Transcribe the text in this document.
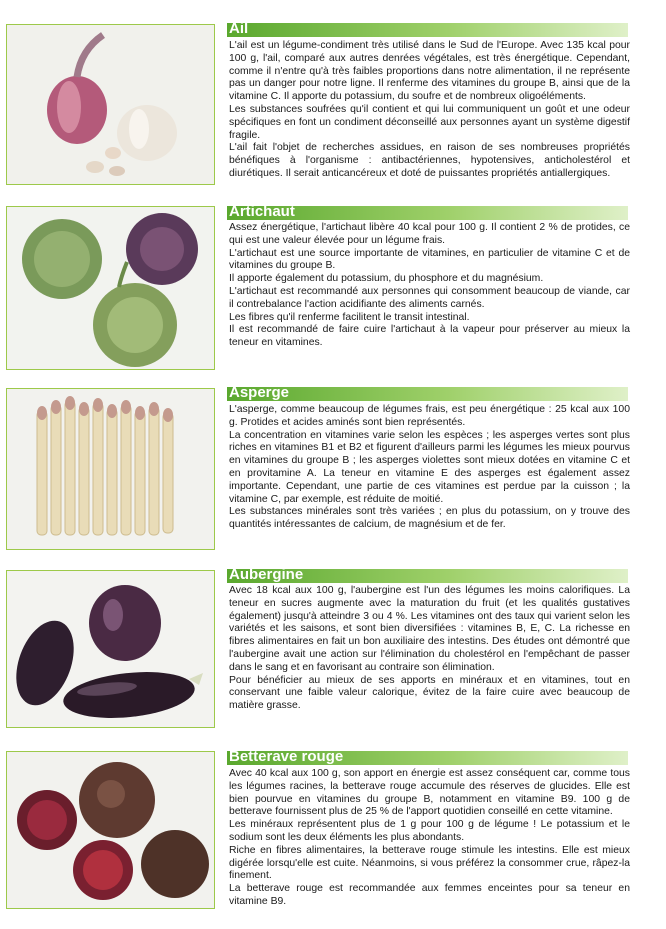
Ail

L'ail est un légume-condiment très utilisé dans le Sud de l'Europe. Avec 135 kcal pour 100 g, l'ail, comparé aux autres denrées végétales, est très énergétique. Cependant, comme il n'entre qu'à très faibles proportions dans notre alimentation, il ne représente pas un danger pour notre ligne. Il renferme des vitamines du groupe B, ainsi que de la vitamine C. Il apporte du potassium, du soufre et de nombreux oligoéléments.

Les substances soufrées qu'il contient et qui lui communiquent un goût et une odeur spécifiques en font un condiment déconseillé aux personnes ayant un système digestif fragile.

L'ail fait l'objet de recherches assidues, en raison de ses nombreuses propriétés bénéfiques à l'organisme : antibactériennes, hypotensives, anticholestérol et diurétiques. Il serait anticancéreux et doté de puissantes propriétés antiallergiques.

Artichaut

Assez énergétique, l'artichaut libère 40 kcal pour 100 g. Il contient 2 % de protides, ce qui est une valeur élevée pour un légume frais.

L'artichaut est une source importante de vitamines, en particulier de vitamine C et de vitamines du groupe B.

Il apporte également du potassium, du phosphore et du magnésium.

L'artichaut est recommandé aux personnes qui consomment beaucoup de viande, car il contrebalance l'action acidifiante des aliments carnés.

Les fibres qu'il renferme facilitent le transit intestinal.

Il est recommandé de faire cuire l'artichaut à la vapeur pour préserver au mieux la teneur en vitamines.

Asperge

L'asperge, comme beaucoup de légumes frais, est peu énergétique : 25 kcal aux 100 g. Protides et acides aminés sont bien représentés.

La concentration en vitamines varie selon les espèces ; les asperges vertes sont plus riches en vitamines B1 et B2 et figurent d'ailleurs parmi les légumes les mieux pourvus en vitamines du groupe B ; les asperges violettes sont mieux dotées en vitamine C et en provitamine A. La teneur en vitamine E des asperges est également assez importante. Cependant, une partie de ces vitamines est perdue par la cuisson ; la vitamine C, par exemple, est réduite de moitié.

Les substances minérales sont très variées ; en plus du potassium, on y trouve des quantités intéressantes de calcium, de magnésium et de fer.

Aubergine

Avec 18 kcal aux 100 g, l'aubergine est l'un des légumes les moins calorifiques. La teneur en sucres augmente avec la maturation du fruit (et les qualités gustatives également) jusqu'à atteindre 3 ou 4 %. Les vitamines ont des taux qui varient selon les variétés et les saisons, et sont bien diversifiées : vitamines B, E, C. La richesse en fibres alimentaires en fait un bon auxiliaire des intestins. Des études ont démontré que l'aubergine avait une action sur l'élimination du cholestérol en l'empêchant de passer dans le sang et en favorisant au contraire son élimination.

Pour bénéficier au mieux de ses apports en minéraux et en vitamines, tout en conservant une faible valeur calorique, évitez de la faire cuire avec beaucoup de matière grasse.

Betterave rouge

Avec 40 kcal aux 100 g, son apport en énergie est assez conséquent car, comme tous les légumes racines, la betterave rouge accumule des réserves de glucides. Elle est bien pourvue en vitamines du groupe B, notamment en vitamine B9. 100 g de betterave fournissent plus de 25 % de l'apport quotidien conseillé en cette vitamine.

Les minéraux représentent plus de 1 g pour 100 g de légume ! Le potassium et le sodium sont les deux éléments les plus abondants.

Riche en fibres alimentaires, la betterave rouge stimule les intestins. Elle est mieux digérée lorsqu'elle est cuite. Néanmoins, si vous préférez la consommer crue, râpez-la finement.

La betterave rouge est recommandée aux femmes enceintes pour sa teneur en vitamine B9.
